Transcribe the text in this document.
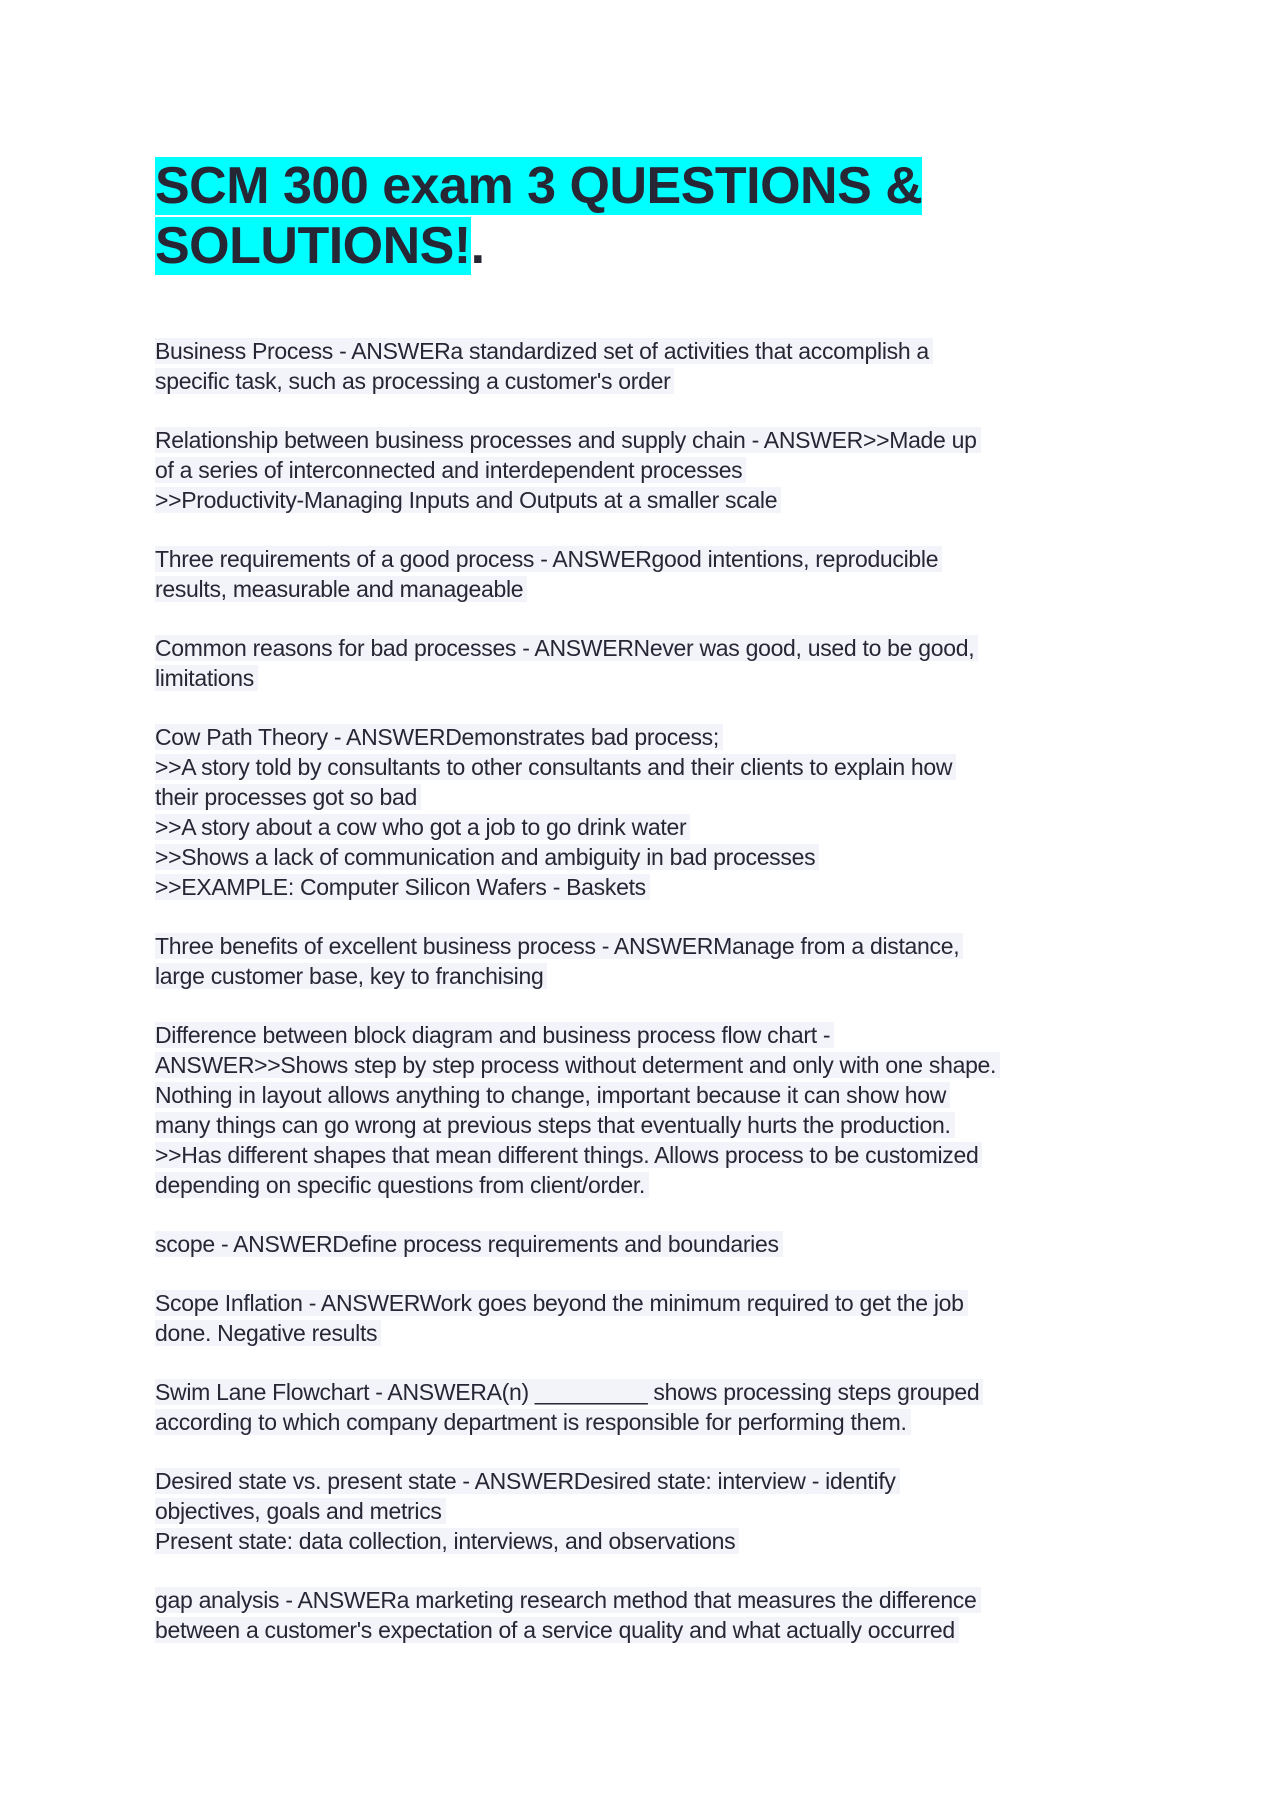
SCM 300 exam 3 QUESTIONS &
SOLUTIONS!.
Business Process - ANSWERa standardized set of activities that accomplish a
specific task, such as processing a customer's order
Relationship between business processes and supply chain - ANSWER>>Made up
of a series of interconnected and interdependent processes
>>Productivity-Managing Inputs and Outputs at a smaller scale
Three requirements of a good process - ANSWERgood intentions, reproducible
results, measurable and manageable
Common reasons for bad processes - ANSWERNever was good, used to be good,
limitations
Cow Path Theory - ANSWERDemonstrates bad process;
>>A story told by consultants to other consultants and their clients to explain how
their processes got so bad
>>A story about a cow who got a job to go drink water
>>Shows a lack of communication and ambiguity in bad processes
>>EXAMPLE: Computer Silicon Wafers - Baskets
Three benefits of excellent business process - ANSWERManage from a distance,
large customer base, key to franchising
Difference between block diagram and business process flow chart -
ANSWER>>Shows step by step process without determent and only with one shape.
Nothing in layout allows anything to change, important because it can show how
many things can go wrong at previous steps that eventually hurts the production.
>>Has different shapes that mean different things. Allows process to be customized
depending on specific questions from client/order.
scope - ANSWERDefine process requirements and boundaries
Scope Inflation - ANSWERWork goes beyond the minimum required to get the job
done. Negative results
Swim Lane Flowchart - ANSWERA(n) _________ shows processing steps grouped
according to which company department is responsible for performing them.
Desired state vs. present state - ANSWERDesired state: interview - identify
objectives, goals and metrics
Present state: data collection, interviews, and observations
gap analysis - ANSWERa marketing research method that measures the difference
between a customer's expectation of a service quality and what actually occurred
